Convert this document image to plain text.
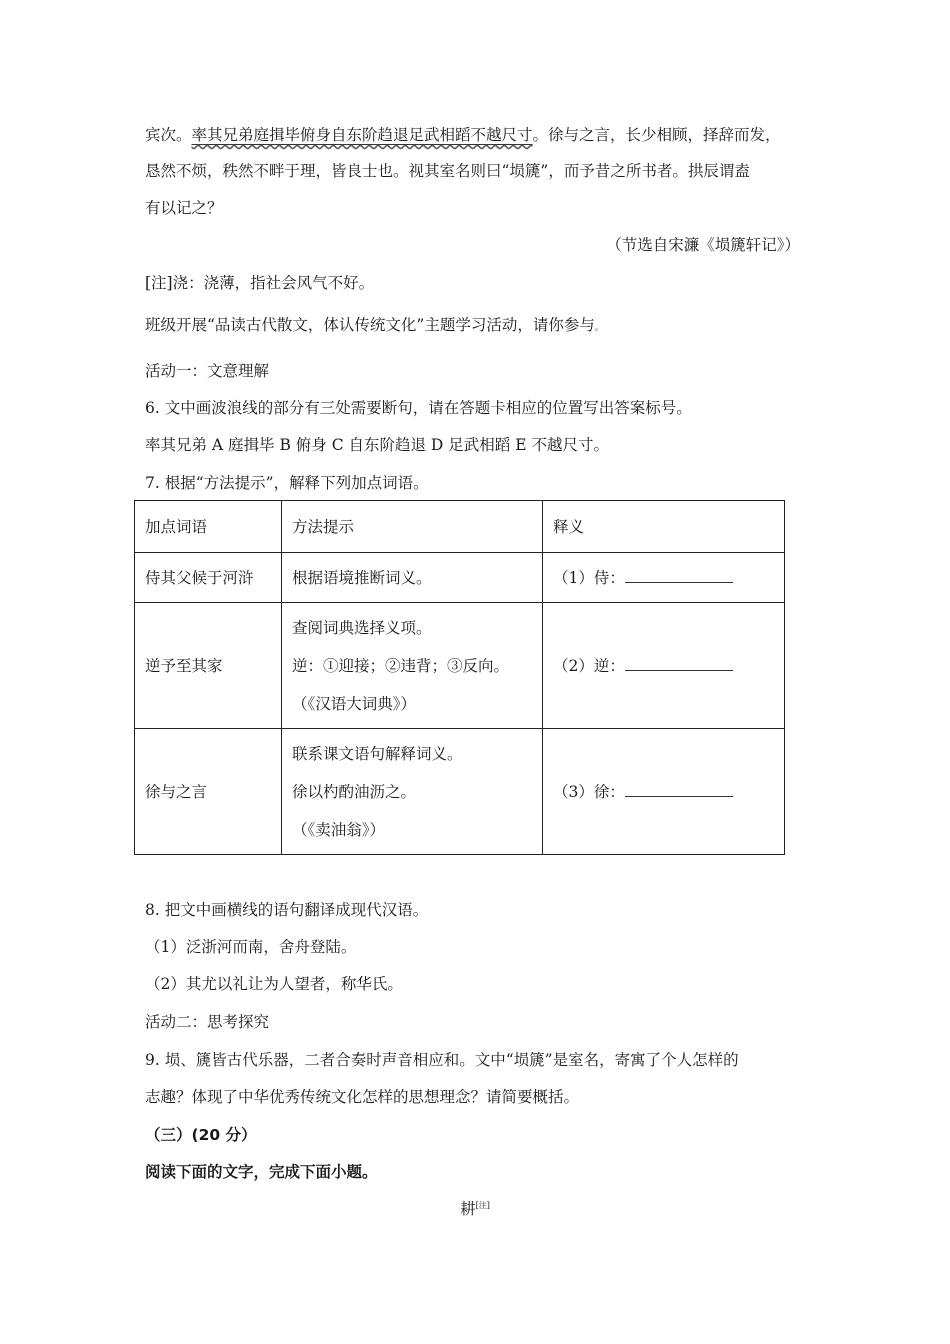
宾次。率其兄弟庭揖毕俯身自东阶趋退足武相蹈不越尺寸。徐与之言，长少相顾，择辞而发，
恳然不烦，秩然不畔于理，皆良士也。视其室名则曰“埙篪”，而予昔之所书者。拱辰谓盍
有以记之？
（节选自宋濂《埙篪轩记》）
[注]浇：浇薄，指社会风气不好。
班级开展“品读古代散文，体认传统文化”主题学习活动，请你参与。
活动一：文意理解
6. 文中画波浪线的部分有三处需要断句，请在答题卡相应的位置写出答案标号。
率其兄弟 A 庭揖毕 B 俯身 C 自东阶趋退 D 足武相蹈 E 不越尺寸。
7. 根据“方法提示”，解释下列加点词语。
加点词语	方法提示	释义
侍其父候于河浒	根据语境推断词义。	（1）侍：
逆予至其家	查阅词典选择义项。
逆：①迎接；②违背；③反向。
（《汉语大词典》）	（2）逆：
徐与之言	联系课文语句解释词义。
徐以杓酌油沥之。
（《卖油翁》）	（3）徐：
8. 把文中画横线的语句翻译成现代汉语。
（1）泛浙河而南，舍舟登陆。
（2）其尤以礼让为人望者，称华氏。
活动二：思考探究
9. 埙、篪皆古代乐器，二者合奏时声音相应和。文中“埙篪”是室名，寄寓了个人怎样的
志趣？体现了中华优秀传统文化怎样的思想理念？请简要概括。
（三）(20 分）
阅读下面的文字，完成下面小题。
耕[注]
